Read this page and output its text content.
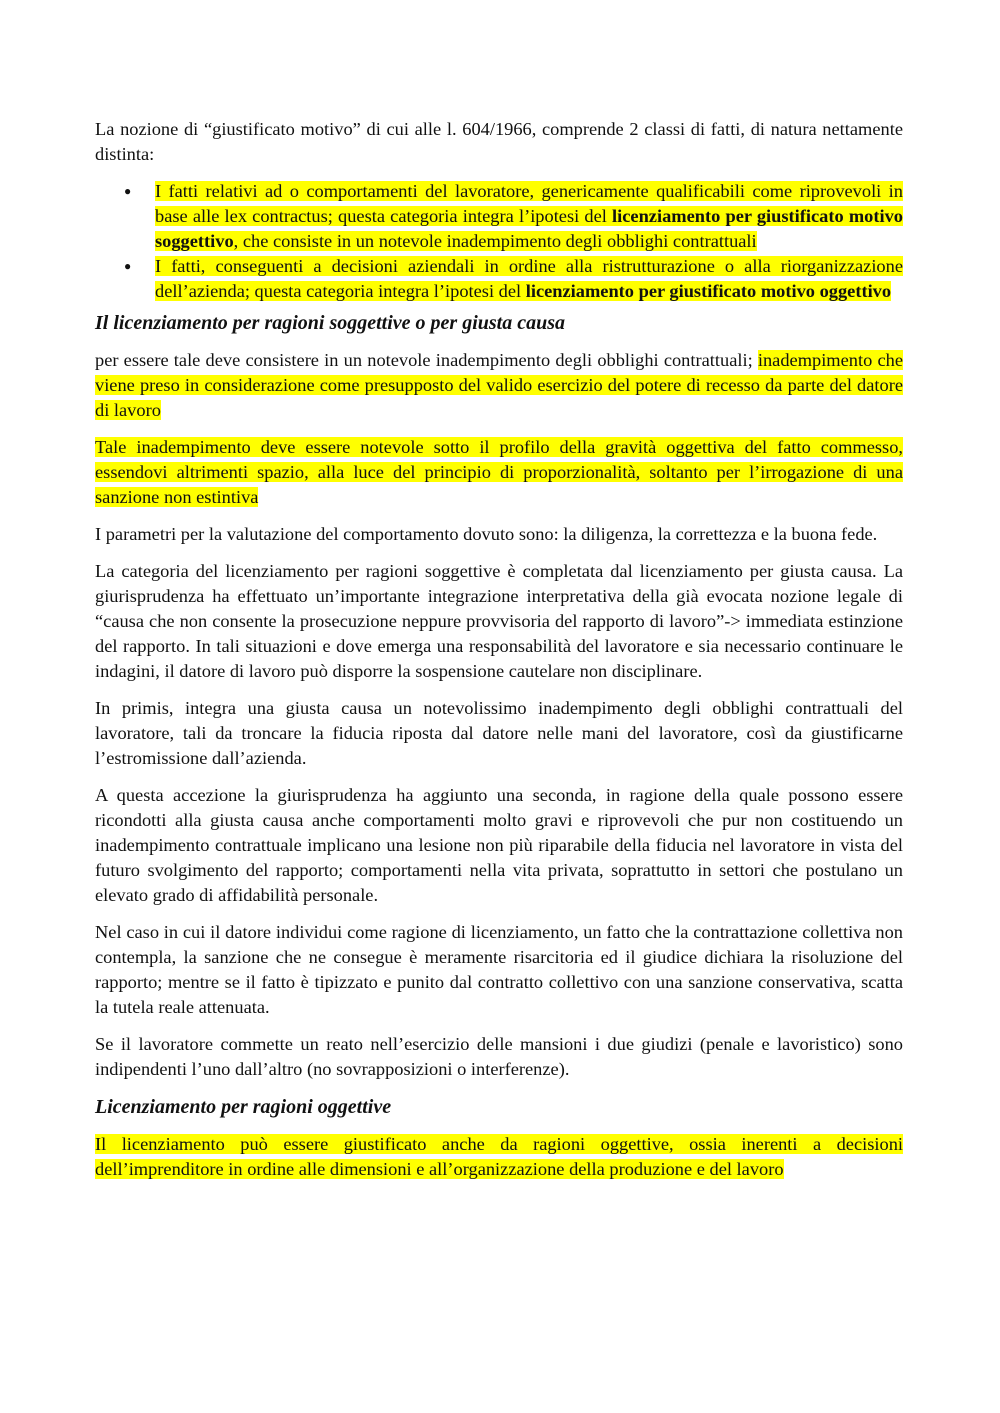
La nozione di “giustificato motivo” di cui alle l. 604/1966, comprende 2 classi di fatti, di natura nettamente distinta:

● I fatti relativi ad o comportamenti del lavoratore, genericamente qualificabili come riprovevoli in base alle lex contractus; questa categoria integra l’ipotesi del licenziamento per giustificato motivo soggettivo, che consiste in un notevole inadempimento degli obblighi contrattuali
● I fatti, conseguenti a decisioni aziendali in ordine alla ristrutturazione o alla riorganizzazione dell’azienda; questa categoria integra l’ipotesi del licenziamento per giustificato motivo oggettivo
Il licenziamento per ragioni soggettive o per giusta causa

per essere tale deve consistere in un notevole inadempimento degli obblighi contrattuali; inadempimento che viene preso in considerazione come presupposto del valido esercizio del potere di recesso da parte del datore di lavoro

Tale inadempimento deve essere notevole sotto il profilo della gravità oggettiva del fatto commesso, essendovi altrimenti spazio, alla luce del principio di proporzionalità, soltanto per l’irrogazione di una sanzione non estintiva

I parametri per la valutazione del comportamento dovuto sono: la diligenza, la correttezza e la buona fede.

La categoria del licenziamento per ragioni soggettive è completata dal licenziamento per giusta causa. La giurisprudenza ha effettuato un’importante integrazione interpretativa della già evocata nozione legale di “causa che non consente la prosecuzione neppure provvisoria del rapporto di lavoro”-> immediata estinzione del rapporto. In tali situazioni e dove emerga una responsabilità del lavoratore e sia necessario continuare le indagini, il datore di lavoro può disporre la sospensione cautelare non disciplinare.

In primis, integra una giusta causa un notevolissimo inadempimento degli obblighi contrattuali del lavoratore, tali da troncare la fiducia riposta dal datore nelle mani del lavoratore, così da giustificarne l’estromissione dall’azienda.

A questa accezione la giurisprudenza ha aggiunto una seconda, in ragione della quale possono essere ricondotti alla giusta causa anche comportamenti molto gravi e riprovevoli che pur non costituendo un inadempimento contrattuale implicano una lesione non più riparabile della fiducia nel lavoratore in vista del futuro svolgimento del rapporto; comportamenti nella vita privata, soprattutto in settori che postulano un elevato grado di affidabilità personale.

Nel caso in cui il datore individui come ragione di licenziamento, un fatto che la contrattazione collettiva non contempla, la sanzione che ne consegue è meramente risarcitoria ed il giudice dichiara la risoluzione del rapporto; mentre se il fatto è tipizzato e punito dal contratto collettivo con una sanzione conservativa, scatta la tutela reale attenuata.

Se il lavoratore commette un reato nell’esercizio delle mansioni i due giudizi (penale e lavoristico) sono indipendenti l’uno dall’altro (no sovrapposizioni o interferenze).

Licenziamento per ragioni oggettive

Il licenziamento può essere giustificato anche da ragioni oggettive, ossia inerenti a decisioni dell’imprenditore in ordine alle dimensioni e all’organizzazione della produzione e del lavoro
